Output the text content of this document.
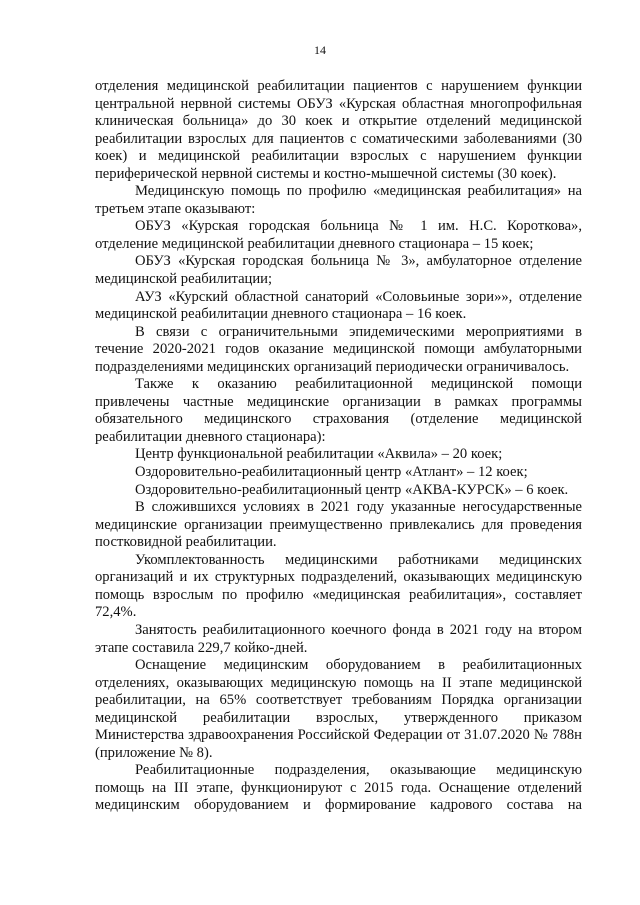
14

отделения медицинской реабилитации пациентов с нарушением функции центральной нервной системы ОБУЗ «Курская областная многопрофильная клиническая больница» до 30 коек и открытие отделений медицинской реабилитации взрослых для пациентов с соматическими заболеваниями (30 коек) и медицинской реабилитации взрослых с нарушением функции периферической нервной системы и костно-мышечной системы (30 коек).

Медицинскую помощь по профилю «медицинская реабилитация» на третьем этапе оказывают:

ОБУЗ «Курская городская больница № 1 им. Н.С. Короткова», отделение медицинской реабилитации дневного стационара – 15 коек;

ОБУЗ «Курская городская больница № 3», амбулаторное отделение медицинской реабилитации;

АУЗ «Курский областной санаторий «Соловьиные зори»», отделение медицинской реабилитации дневного стационара – 16 коек.

В связи с ограничительными эпидемическими мероприятиями в течение 2020-2021 годов оказание медицинской помощи амбулаторными подразделениями медицинских организаций периодически ограничивалось.

Также к оказанию реабилитационной медицинской помощи привлечены частные медицинские организации в рамках программы обязательного медицинского страхования (отделение медицинской реабилитации дневного стационара):

Центр функциональной реабилитации «Аквила» – 20 коек;

Оздоровительно-реабилитационный центр «Атлант» – 12 коек;

Оздоровительно-реабилитационный центр «АКВА-КУРСК» – 6 коек.

В сложившихся условиях в 2021 году указанные негосударственные медицинские организации преимущественно привлекались для проведения постковидной реабилитации.

Укомплектованность медицинскими работниками медицинских организаций и их структурных подразделений, оказывающих медицинскую помощь взрослым по профилю «медицинская реабилитация», составляет 72,4%.

Занятость реабилитационного коечного фонда в 2021 году на втором этапе составила 229,7 койко-дней.

Оснащение медицинским оборудованием в реабилитационных отделениях, оказывающих медицинскую помощь на II этапе медицинской реабилитации, на 65% соответствует требованиям Порядка организации медицинской реабилитации взрослых, утвержденного приказом Министерства здравоохранения Российской Федерации от 31.07.2020 № 788н (приложение № 8).

Реабилитационные подразделения, оказывающие медицинскую помощь на III этапе, функционируют с 2015 года. Оснащение отделений медицинским оборудованием и формирование кадрового состава на
